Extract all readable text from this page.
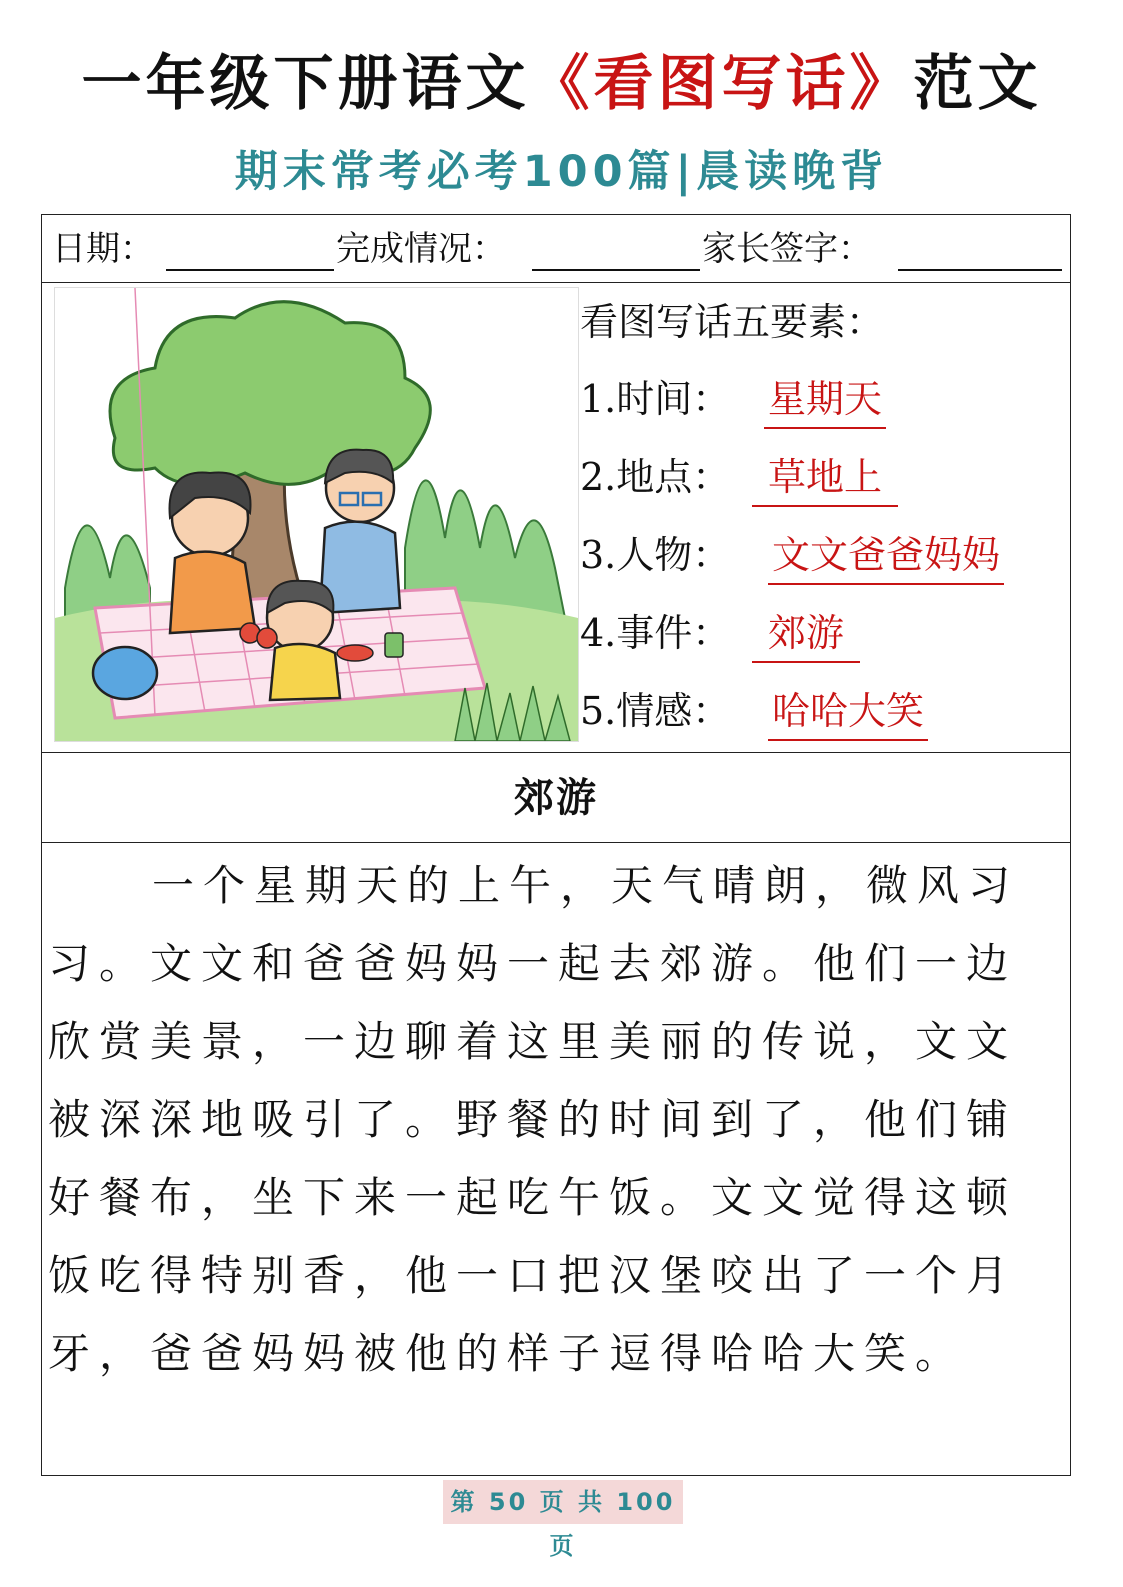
一年级下册语文《看图写话》范文
期末常考必考100篇|晨读晚背
日期：	完成情况：	家长签字：
看图写话五要素：
1.时间： 星期天
2.地点： 草地上
3.人物： 文文爸爸妈妈
4.事件： 郊游
5.情感： 哈哈大笑
郊游
一个星期天的上午，天气晴朗，微风习
习。文文和爸爸妈妈一起去郊游。他们一边
欣赏美景，一边聊着这里美丽的传说，文文
被深深地吸引了。野餐的时间到了，他们铺
好餐布，坐下来一起吃午饭。文文觉得这顿
饭吃得特别香，他一口把汉堡咬出了一个月
牙，爸爸妈妈被他的样子逗得哈哈大笑。
第 50 页 共 100 页
